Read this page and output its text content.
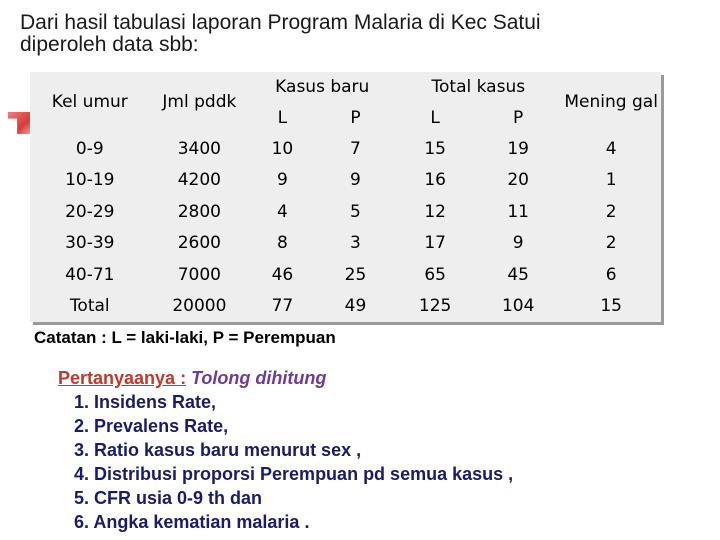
Dari hasil tabulasi laporan Program Malaria di Kec Satui
diperoleh data sbb:
Kel umur	Jml pddk	Kasus baru		Total kasus		Mening gal
		L	P	L	P	
0-9	3400	10	7	15	19	4
10-19	4200	9	9	16	20	1
20-29	2800	4	5	12	11	2
30-39	2600	8	3	17	9	2
40-71	7000	46	25	65	45	6
Total	20000	77	49	125	104	15
Catatan : L = laki-laki, P = Perempuan
Pertanyaanya : Tolong dihitung
1. Insidens Rate,
2. Prevalens Rate,
3. Ratio kasus baru menurut sex ,
4. Distribusi proporsi Perempuan pd semua kasus ,
5. CFR usia 0-9 th dan
6. Angka kematian malaria .
